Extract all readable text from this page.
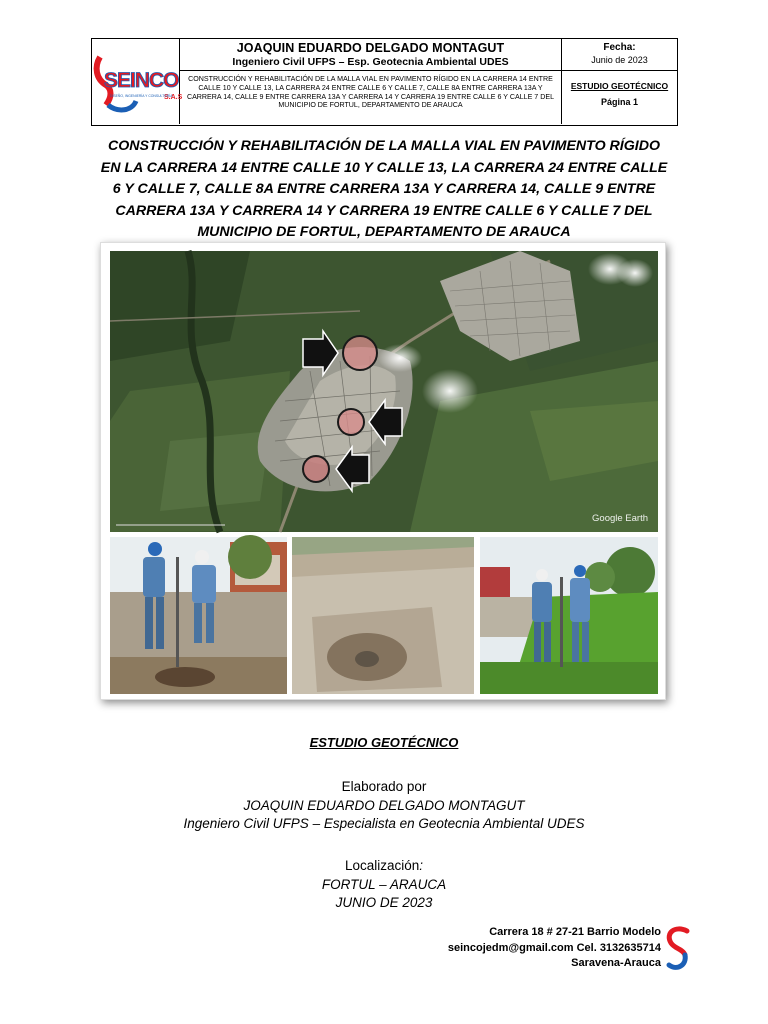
SEINCO
S.A.S
DISEÑO, INGENIERÍA Y CONSULTORÍA
JOAQUIN EDUARDO DELGADO MONTAGUT
Ingeniero Civil UFPS – Esp. Geotecnia Ambiental UDES
CONSTRUCCIÓN Y REHABILITACIÓN DE LA MALLA VIAL EN PAVIMENTO RÍGIDO EN LA CARRERA 14 ENTRE CALLE 10 Y CALLE 13, LA CARRERA 24 ENTRE CALLE 6 Y CALLE 7, CALLE 8A ENTRE CARRERA 13A Y CARRERA 14, CALLE 9 ENTRE CARRERA 13A Y CARRERA 14 Y CARRERA 19 ENTRE CALLE 6 Y CALLE 7 DEL MUNICIPIO DE FORTUL, DEPARTAMENTO DE ARAUCA
Fecha:
Junio de 2023
ESTUDIO GEOTÉCNICO
Página 1
CONSTRUCCIÓN Y REHABILITACIÓN DE LA MALLA VIAL EN PAVIMENTO RÍGIDO EN LA CARRERA 14 ENTRE CALLE 10 Y CALLE 13, LA CARRERA 24 ENTRE CALLE 6 Y CALLE 7, CALLE 8A ENTRE CARRERA 13A Y CARRERA 14, CALLE 9 ENTRE CARRERA 13A Y CARRERA 14 Y CARRERA 19 ENTRE CALLE 6 Y CALLE 7 DEL MUNICIPIO DE FORTUL, DEPARTAMENTO DE ARAUCA
Google Earth
ESTUDIO GEOTÉCNICO
Elaborado por
JOAQUIN EDUARDO DELGADO MONTAGUT
Ingeniero Civil UFPS – Especialista en Geotecnia Ambiental UDES
Localización:
FORTUL – ARAUCA
JUNIO DE 2023
Carrera 18 # 27-21 Barrio Modelo
seincojedm@gmail.com Cel. 3132635714
Saravena-Arauca
